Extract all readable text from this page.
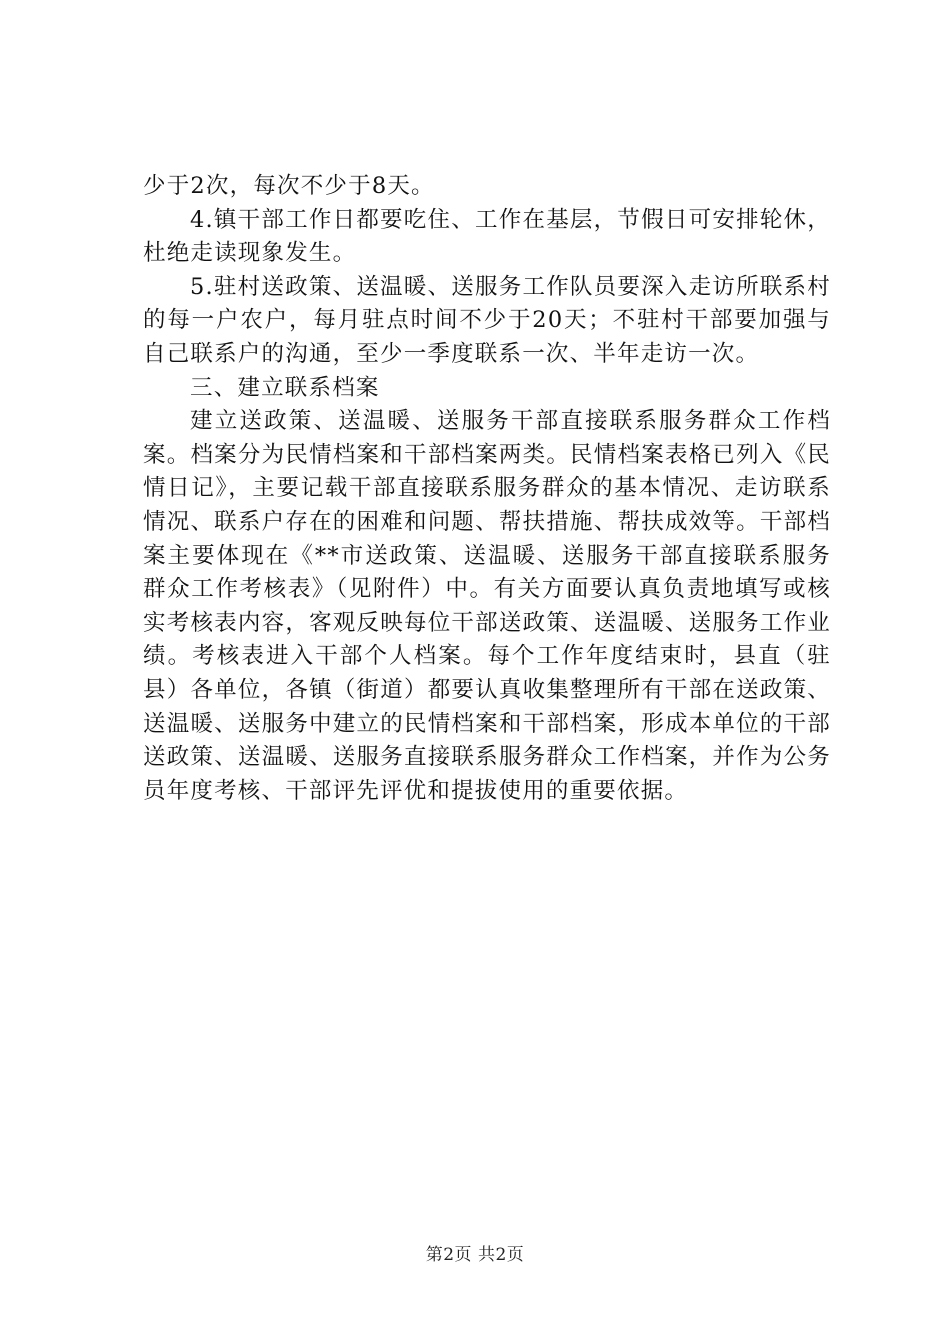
少于2次，每次不少于8天。

4.镇干部工作日都要吃住、工作在基层，节假日可安排轮休，杜绝走读现象发生。

5.驻村送政策、送温暖、送服务工作队员要深入走访所联系村的每一户农户，每月驻点时间不少于20天；不驻村干部要加强与自己联系户的沟通，至少一季度联系一次、半年走访一次。

三、建立联系档案

建立送政策、送温暖、送服务干部直接联系服务群众工作档案。档案分为民情档案和干部档案两类。民情档案表格已列入《民情日记》，主要记载干部直接联系服务群众的基本情况、走访联系情况、联系户存在的困难和问题、帮扶措施、帮扶成效等。干部档案主要体现在《**市送政策、送温暖、送服务干部直接联系服务群众工作考核表》（见附件）中。有关方面要认真负责地填写或核实考核表内容，客观反映每位干部送政策、送温暖、送服务工作业绩。考核表进入干部个人档案。每个工作年度结束时，县直（驻县）各单位，各镇（街道）都要认真收集整理所有干部在送政策、送温暖、送服务中建立的民情档案和干部档案，形成本单位的干部送政策、送温暖、送服务直接联系服务群众工作档案，并作为公务员年度考核、干部评先评优和提拔使用的重要依据。

第2页 共2页
